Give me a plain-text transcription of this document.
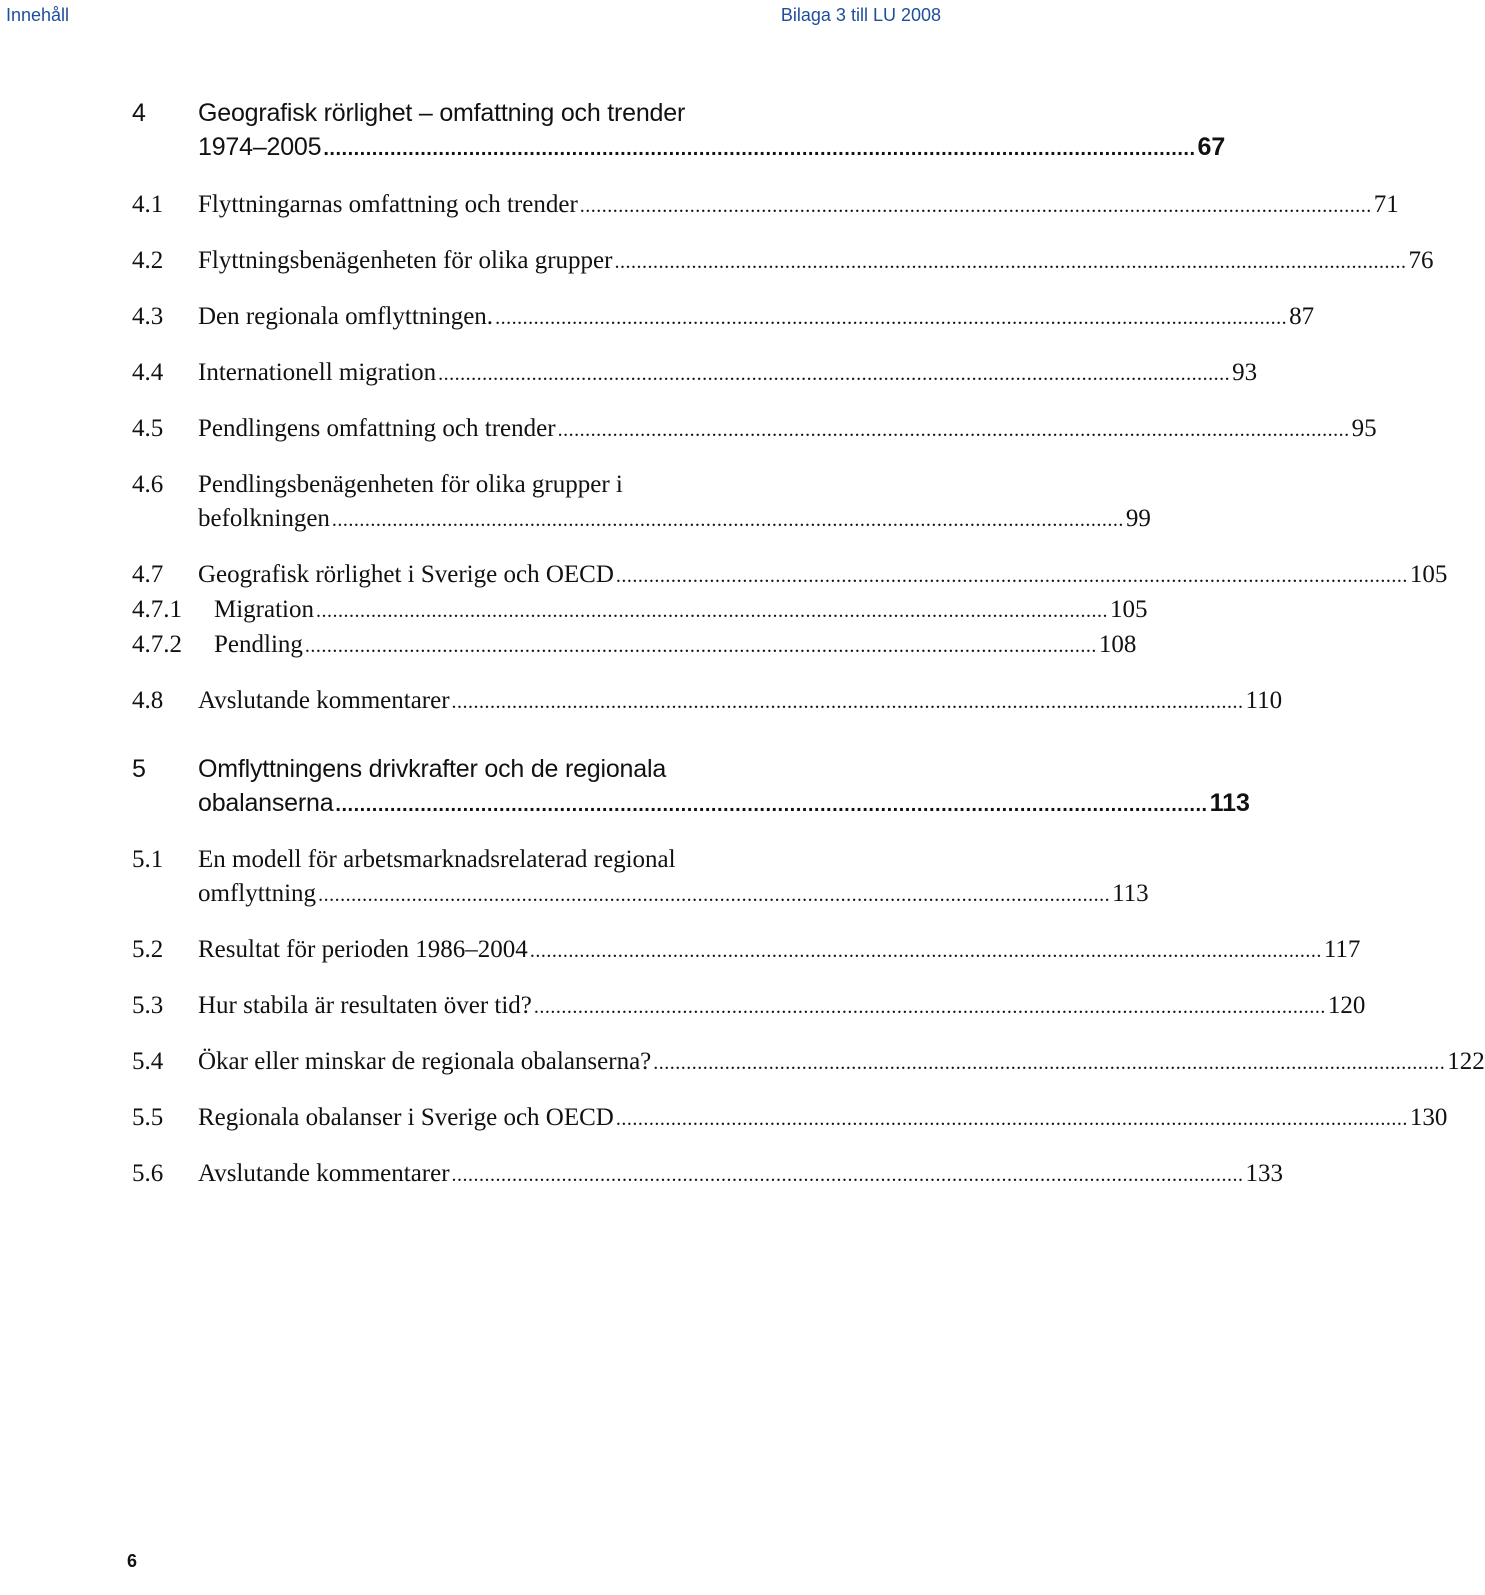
Innehåll	Bilaga 3 till LU 2008
4	Geografisk rörlighet – omfattning och trender
1974–2005 ................................................................................................................................................ 67
4.1	Flyttningarnas omfattning och trender ................................................................................................................................................ 71
4.2	Flyttningsbenägenheten för olika grupper ................................................................................................................................................ 76
4.3	Den regionala omflyttningen. ................................................................................................................................................ 87
4.4	Internationell migration ................................................................................................................................................ 93
4.5	Pendlingens omfattning och trender ................................................................................................................................................ 95
4.6	Pendlingsbenägenheten för olika grupper i
befolkningen ................................................................................................................................................ 99
4.7	Geografisk rörlighet i Sverige och OECD ................................................................................................................................................ 105
4.7.1	Migration ................................................................................................................................................ 105
4.7.2	Pendling ................................................................................................................................................ 108
4.8	Avslutande kommentarer ................................................................................................................................................ 110
5	Omflyttningens drivkrafter och de regionala
obalanserna ................................................................................................................................................ 113
5.1	En modell för arbetsmarknadsrelaterad regional
omflyttning ................................................................................................................................................ 113
5.2	Resultat för perioden 1986–2004 ................................................................................................................................................ 117
5.3	Hur stabila är resultaten över tid? ................................................................................................................................................ 120
5.4	Ökar eller minskar de regionala obalanserna? ................................................................................................................................................ 122
5.5	Regionala obalanser i Sverige och OECD ................................................................................................................................................ 130
5.6	Avslutande kommentarer ................................................................................................................................................ 133
6
